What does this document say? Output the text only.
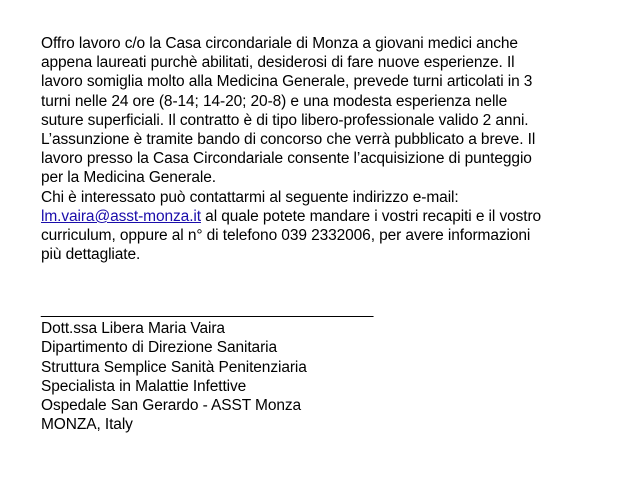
Offro lavoro c/o la Casa circondariale di Monza a giovani medici anche
appena laureati purchè abilitati, desiderosi di fare nuove esperienze. Il
lavoro somiglia molto alla Medicina Generale, prevede turni articolati in 3
turni nelle 24 ore (8-14; 14-20; 20-8) e una modesta esperienza nelle
suture superficiali. Il contratto è di tipo libero-professionale valido 2 anni.
L’assunzione è tramite bando di concorso che verrà pubblicato a breve. Il
lavoro presso la Casa Circondariale consente l’acquisizione di punteggio
per la Medicina Generale.
Chi è interessato può contattarmi al seguente indirizzo e-mail:
lm.vaira@asst-monza.it al quale potete mandare i vostri recapiti e il vostro
curriculum, oppure al n° di telefono 039 2332006, per avere informazioni
più dettagliate.
_______________________________________
Dott.ssa Libera Maria Vaira
Dipartimento di Direzione Sanitaria
Struttura Semplice Sanità Penitenziaria
Specialista in Malattie Infettive
Ospedale San Gerardo - ASST Monza
MONZA, Italy
